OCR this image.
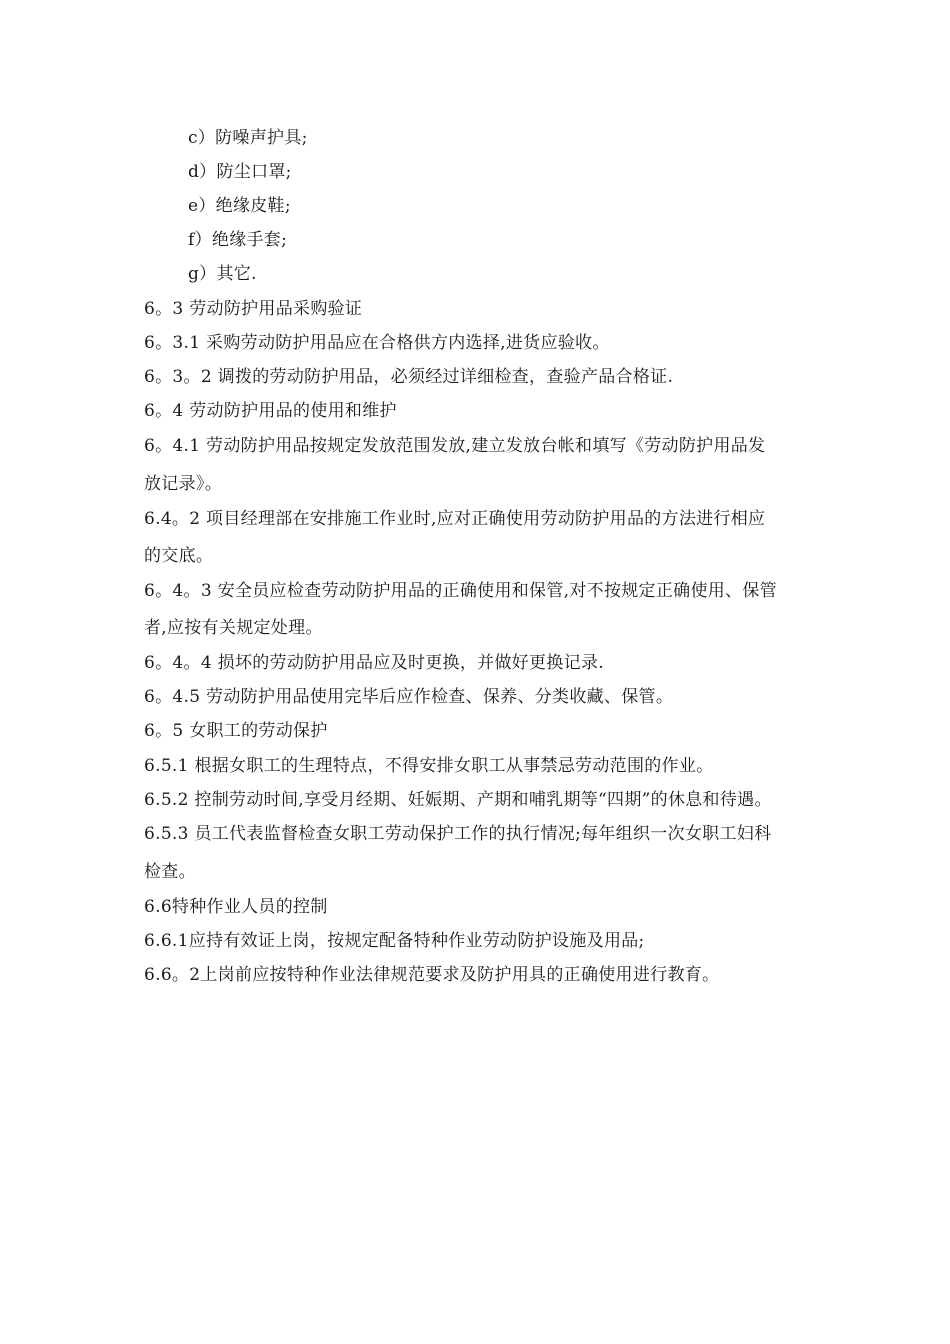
c）防噪声护具;
d）防尘口罩;
e）绝缘皮鞋;
f）绝缘手套;
g）其它.
6。3 劳动防护用品采购验证
6。3.1 采购劳动防护用品应在合格供方内选择,进货应验收。
6。3。2 调拨的劳动防护用品，必须经过详细检查，查验产品合格证.
6。4 劳动防护用品的使用和维护
6。4.1 劳动防护用品按规定发放范围发放,建立发放台帐和填写《劳动防护用品发
放记录》。
6.4。2 项目经理部在安排施工作业时,应对正确使用劳动防护用品的方法进行相应
的交底。
6。4。3 安全员应检查劳动防护用品的正确使用和保管,对不按规定正确使用、保管
者,应按有关规定处理。
6。4。4 损坏的劳动防护用品应及时更换，并做好更换记录.
6。4.5 劳动防护用品使用完毕后应作检查、保养、分类收藏、保管。
6。5 女职工的劳动保护
6.5.1 根据女职工的生理特点，不得安排女职工从事禁忌劳动范围的作业。
6.5.2 控制劳动时间,享受月经期、妊娠期、产期和哺乳期等“四期”的休息和待遇。
6.5.3 员工代表监督检查女职工劳动保护工作的执行情况;每年组织一次女职工妇科
检查。
6.6特种作业人员的控制
6.6.1应持有效证上岗，按规定配备特种作业劳动防护设施及用品;
6.6。2上岗前应按特种作业法律规范要求及防护用具的正确使用进行教育。
